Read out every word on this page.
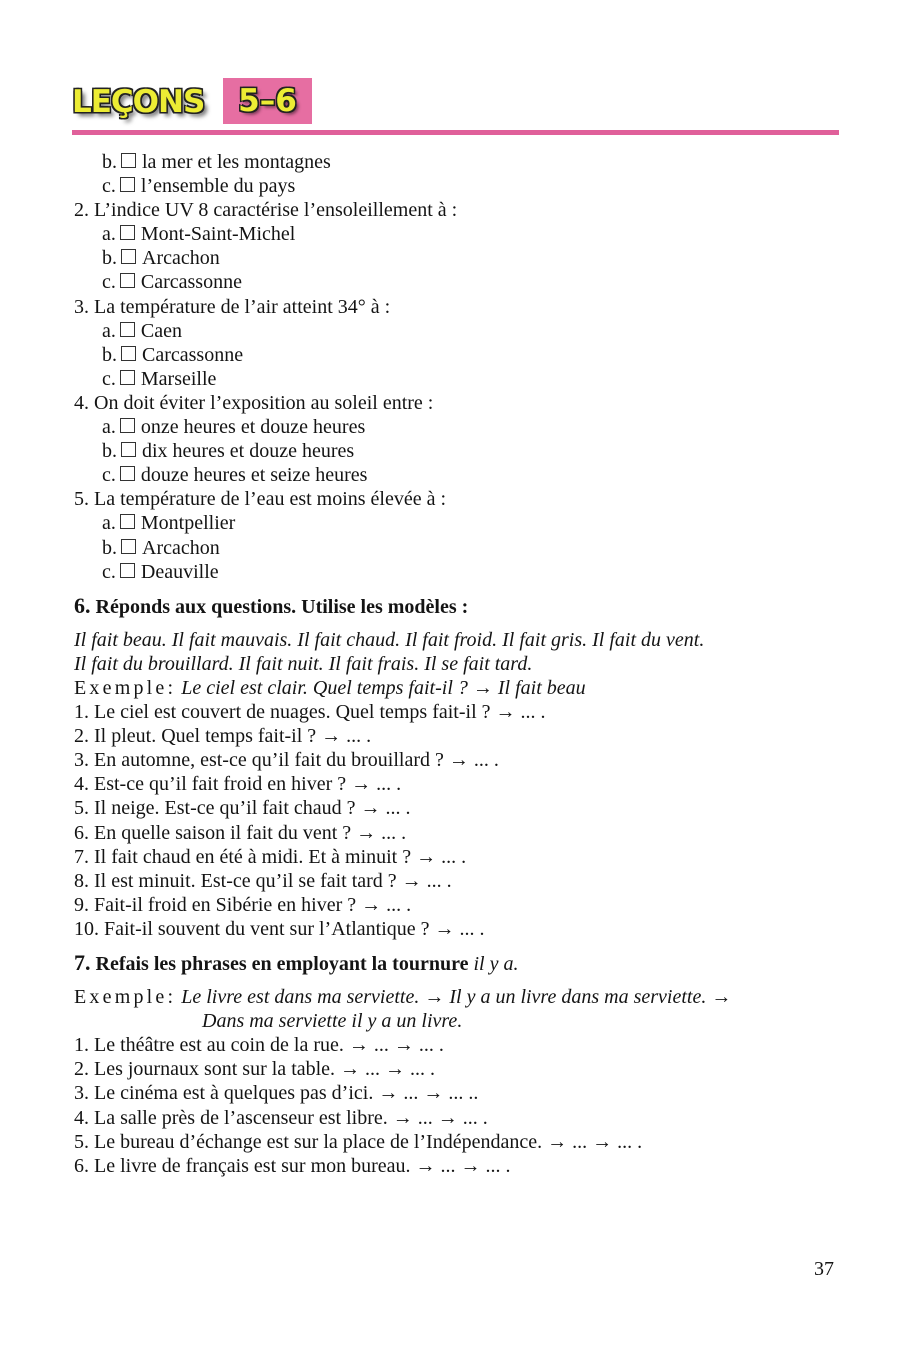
LEÇONS	5–6
b. la mer et les montagnes
c. l’ensemble du pays
2. L’indice UV 8 caractérise l’ensoleillement à :
a. Mont-Saint-Michel
b. Arcachon
c. Carcassonne
3. La température de l’air atteint 34° à :
a. Caen
b. Carcassonne
c. Marseille
4. On doit éviter l’exposition au soleil entre :
a. onze heures et douze heures
b. dix heures et douze heures
c. douze heures et seize heures
5. La température de l’eau est moins élevée à :
a. Montpellier
b. Arcachon
c. Deauville
6. Réponds aux questions. Utilise les modèles :
Il fait beau. Il fait mauvais. Il fait chaud. Il fait froid. Il fait gris. Il fait du vent.
Il fait du brouillard. Il fait nuit. Il fait frais. Il se fait tard.
Exemple: Le ciel est clair. Quel temps fait-il ? → Il fait beau
1. Le ciel est couvert de nuages. Quel temps fait-il ? → ... .
2. Il pleut. Quel temps fait-il ? → ... .
3. En automne, est-ce qu’il fait du brouillard ? → ... .
4. Est-ce qu’il fait froid en hiver ? → ... .
5. Il neige. Est-ce qu’il fait chaud ? → ... .
6. En quelle saison il fait du vent ? → ... .
7. Il fait chaud en été à midi. Et à minuit ? → ... .
8. Il est minuit. Est-ce qu’il se fait tard ? → ... .
9. Fait-il froid en Sibérie en hiver ? → ... .
10. Fait-il souvent du vent sur l’Atlantique ? → ... .
7. Refais les phrases en employant la tournure il y a.
Exemple: Le livre est dans ma serviette. → Il y a un livre dans ma serviette. →
Dans ma serviette il y a un livre.
1. Le théâtre est au coin de la rue. → ... → ... .
2. Les journaux sont sur la table. → ... → ... .
3. Le cinéma est à quelques pas d’ici. → ... → ... ..
4. La salle près de l’ascenseur est libre. → ... → ... .
5. Le bureau d’échange est sur la place de l’Indépendance. → ... → ... .
6. Le livre de français est sur mon bureau. → ... → ... .
37
